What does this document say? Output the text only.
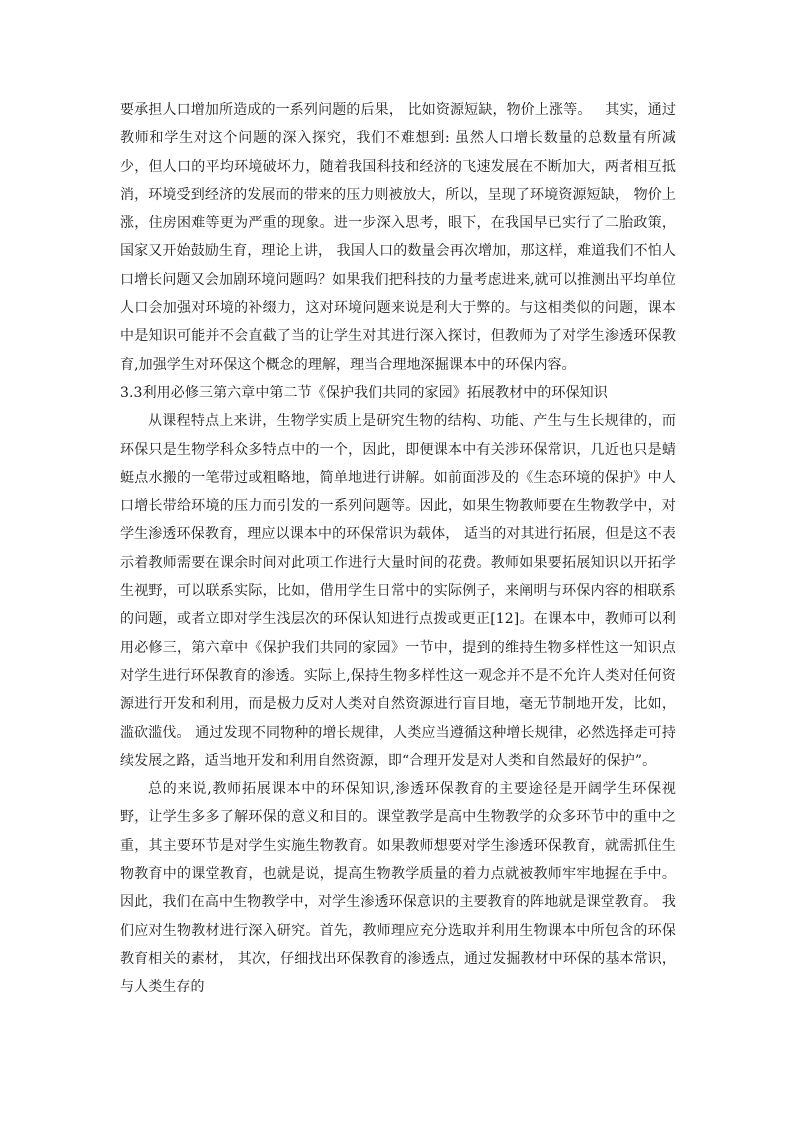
要承担人口增加所造成的一系列问题的后果， 比如资源短缺，物价上涨等。   其实，通过教师和学生对这个问题的深入探究，我们不难想到: 虽然人口增长数量的总数量有所减少，但人口的平均环境破坏力，随着我国科技和经济的飞速发展在不断加大，两者相互抵消，环境受到经济的发展而的带来的压力则被放大，所以，呈现了环境资源短缺， 物价上涨，住房困难等更为严重的现象。进一步深入思考，眼下，在我国早已实行了二胎政策，国家又开始鼓励生育，理论上讲， 我国人口的数量会再次增加，那这样，难道我们不怕人口增长问题又会加剧环境问题吗？如果我们把科技的力量考虑进来,就可以推测出平均单位人口会加强对环境的补缀力，这对环境问题来说是利大于弊的。与这相类似的问题，课本中是知识可能并不会直截了当的让学生对其进行深入探讨，但教师为了对学生渗透环保教育,加强学生对环保这个概念的理解，理当合理地深掘课本中的环保内容。

3.3利用必修三第六章中第二节《保护我们共同的家园》拓展教材中的环保知识

从课程特点上来讲，生物学实质上是研究生物的结构、功能、产生与生长规律的，而环保只是生物学科众多特点中的一个，因此，即便课本中有关涉环保常识，几近也只是蜻蜓点水搬的一笔带过或粗略地，简单地进行讲解。如前面涉及的《生态环境的保护》中人口增长带给环境的压力而引发的一系列问题等。因此，如果生物教师要在生物教学中，对学生渗透环保教育，理应以课本中的环保常识为载体， 适当的对其进行拓展，但是这不表示着教师需要在课余时间对此项工作进行大量时间的花费。教师如果要拓展知识以开拓学生视野，可以联系实际，比如，借用学生日常中的实际例子，来阐明与环保内容的相联系的问题，或者立即对学生浅层次的环保认知进行点拨或更正[12]。在课本中，教师可以利用必修三，第六章中《保护我们共同的家园》一节中，提到的维持生物多样性这一知识点对学生进行环保教育的渗透。实际上,保持生物多样性这一观念并不是不允许人类对任何资源进行开发和利用，而是极力反对人类对自然资源进行盲目地，毫无节制地开发，比如，滥砍滥伐。 通过发现不同物种的增长规律，人类应当遵循这种增长规律，必然选择走可持续发展之路，适当地开发和利用自然资源，即“合理开发是对人类和自然最好的保护”。

总的来说,教师拓展课本中的环保知识,渗透环保教育的主要途径是开阔学生环保视野，让学生多多了解环保的意义和目的。课堂教学是高中生物教学的众多环节中的重中之重，其主要环节是对学生实施生物教育。如果教师想要对学生渗透环保教育，就需抓住生物教育中的课堂教育，也就是说，提高生物教学质量的着力点就被教师牢牢地握在手中。因此，我们在高中生物教学中，对学生渗透环保意识的主要教育的阵地就是课堂教育。 我们应对生物教材进行深入研究。首先，教师理应充分选取并利用生物课本中所包含的环保教育相关的素材， 其次，仔细找出环保教育的渗透点，通过发掘教材中环保的基本常识，与人类生存的
